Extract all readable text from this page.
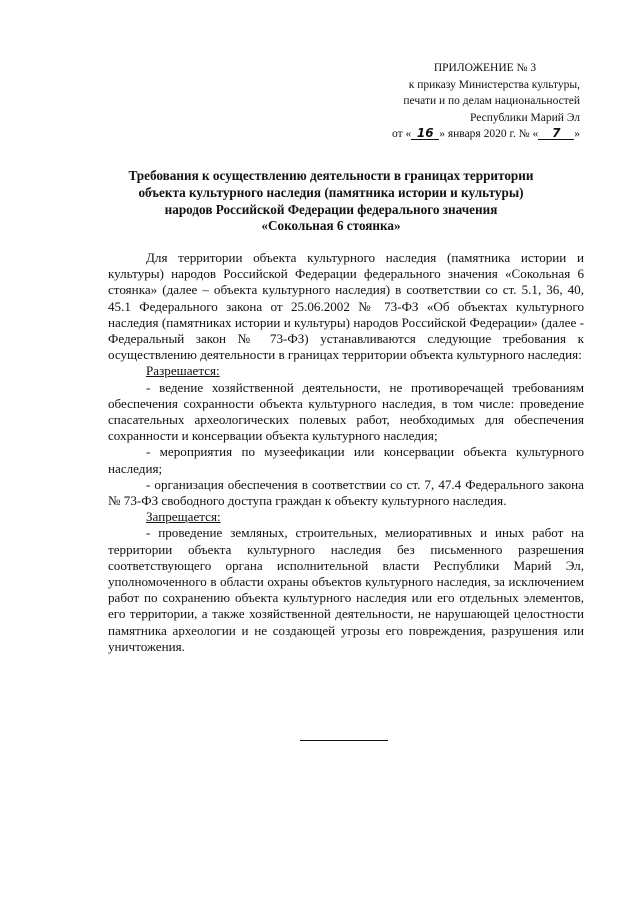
ПРИЛОЖЕНИЕ № 3
к приказу Министерства культуры,
печати и по делам национальностей
Республики Марий Эл
от « 16 » января 2020 г. № « 7 »
Требования к осуществлению деятельности в границах территории
объекта культурного наследия (памятника истории и культуры)
народов Российской Федерации федерального значения
«Сокольная 6 стоянка»

Для территории объекта культурного наследия (памятника истории и культуры) народов Российской Федерации федерального значения «Сокольная 6 стоянка» (далее – объекта культурного наследия) в соответствии со ст. 5.1, 36, 40, 45.1 Федерального закона от 25.06.2002 № 73-ФЗ «Об объектах культурного наследия (памятниках истории и культуры) народов Российской Федерации» (далее - Федеральный закон № 73-ФЗ) устанавливаются следующие требования к осуществлению деятельности в границах территории объекта культурного наследия:

Разрешается:

- ведение хозяйственной деятельности, не противоречащей требованиям обеспечения сохранности объекта культурного наследия, в том числе: проведение спасательных археологических полевых работ, необходимых для обеспечения сохранности и консервации объекта культурного наследия;

- мероприятия по музеефикации или консервации объекта культурного наследия;

- организация обеспечения в соответствии со ст. 7, 47.4 Федерального закона № 73-ФЗ свободного доступа граждан к объекту культурного наследия.

Запрещается:

- проведение земляных, строительных, мелиоративных и иных работ на территории объекта культурного наследия без письменного разрешения соответствующего органа исполнительной власти Республики Марий Эл, уполномоченного в области охраны объектов культурного наследия, за исключением работ по сохранению объекта культурного наследия или его отдельных элементов, его территории, а также хозяйственной деятельности, не нарушающей целостности памятника археологии и не создающей угрозы его повреждения, разрушения или уничтожения.
